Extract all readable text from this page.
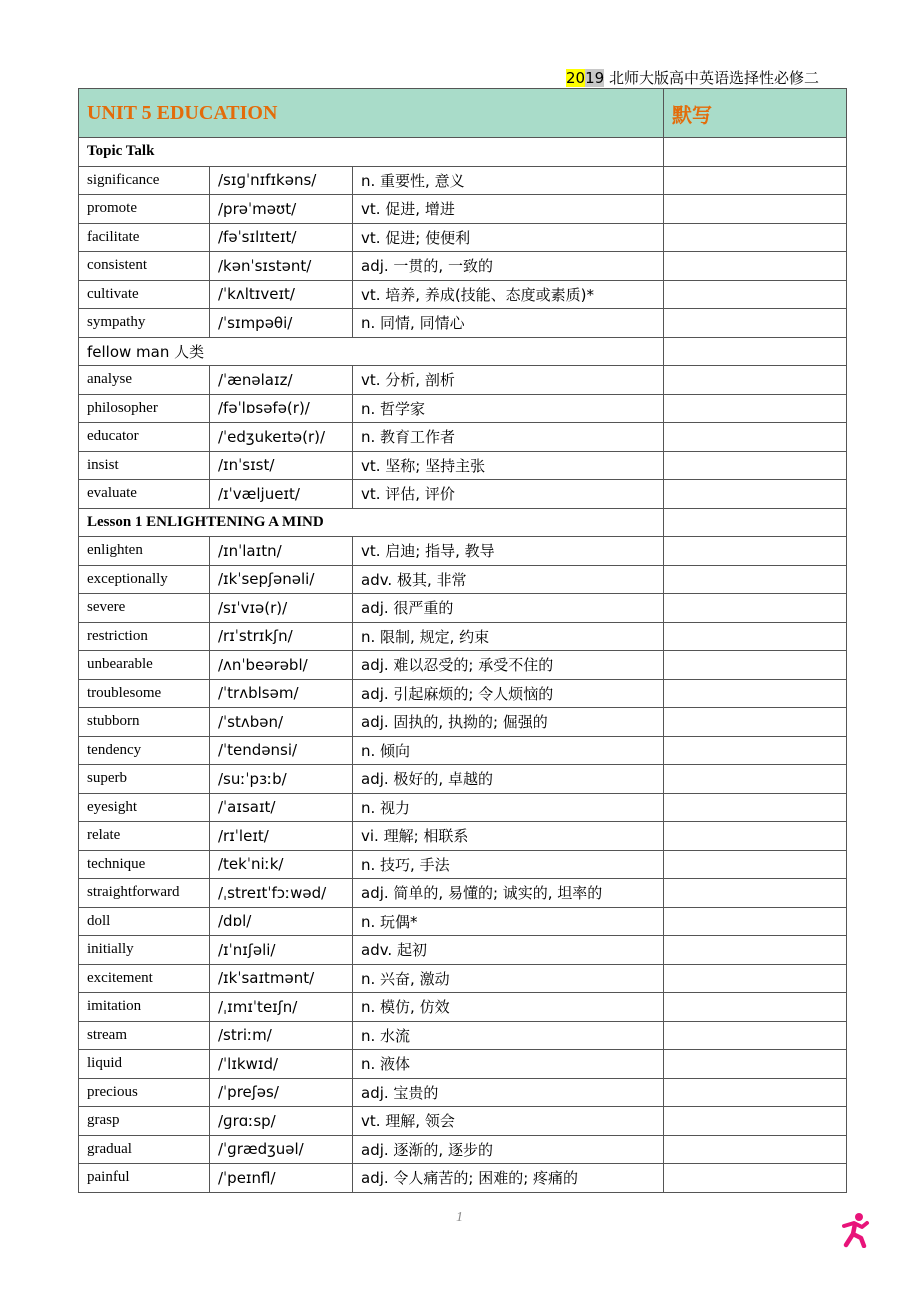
2019 北师大版高中英语选择性必修二
UNIT 5 EDUCATION			默写
Topic Talk			
significance	/sɪɡˈnɪfɪkəns/	n. 重要性, 意义	
promote	/prəˈməʊt/	vt. 促进, 增进	
facilitate	/fəˈsɪlɪteɪt/	vt. 促进; 使便利	
consistent	/kənˈsɪstənt/	adj. 一贯的, 一致的	
cultivate	/ˈkʌltɪveɪt/	vt. 培养, 养成(技能、态度或素质)*	
sympathy	/ˈsɪmpəθi/	n. 同情, 同情心	
fellow man 人类			
analyse	/ˈænəlaɪz/	vt. 分析, 剖析	
philosopher	/fəˈlɒsəfə(r)/	n. 哲学家	
educator	/ˈedʒukeɪtə(r)/	n. 教育工作者	
insist	/ɪnˈsɪst/	vt. 坚称; 坚持主张	
evaluate	/ɪˈvæljueɪt/	vt. 评估, 评价	
Lesson 1 ENLIGHTENING A MIND			
enlighten	/ɪnˈlaɪtn/	vt. 启迪; 指导, 教导	
exceptionally	/ɪkˈsepʃənəli/	adv. 极其, 非常	
severe	/sɪˈvɪə(r)/	adj. 很严重的	
restriction	/rɪˈstrɪkʃn/	n. 限制, 规定, 约束	
unbearable	/ʌnˈbeərəbl/	adj. 难以忍受的; 承受不住的	
troublesome	/ˈtrʌblsəm/	adj. 引起麻烦的; 令人烦恼的	
stubborn	/ˈstʌbən/	adj. 固执的, 执拗的; 倔强的	
tendency	/ˈtendənsi/	n. 倾向	
superb	/suːˈpɜːb/	adj. 极好的, 卓越的	
eyesight	/ˈaɪsaɪt/	n. 视力	
relate	/rɪˈleɪt/	vi. 理解; 相联系	
technique	/tekˈniːk/	n. 技巧, 手法	
straightforward	/ˌstreɪtˈfɔːwəd/	adj. 简单的, 易懂的; 诚实的, 坦率的	
doll	/dɒl/	n. 玩偶*	
initially	/ɪˈnɪʃəli/	adv. 起初	
excitement	/ɪkˈsaɪtmənt/	n. 兴奋, 激动	
imitation	/ˌɪmɪˈteɪʃn/	n. 模仿, 仿效	
stream	/striːm/	n. 水流	
liquid	/ˈlɪkwɪd/	n. 液体	
precious	/ˈpreʃəs/	adj. 宝贵的	
grasp	/ɡrɑːsp/	vt. 理解, 领会	
gradual	/ˈɡrædʒuəl/	adj. 逐渐的, 逐步的	
painful	/ˈpeɪnfl/	adj. 令人痛苦的; 困难的; 疼痛的	
1
